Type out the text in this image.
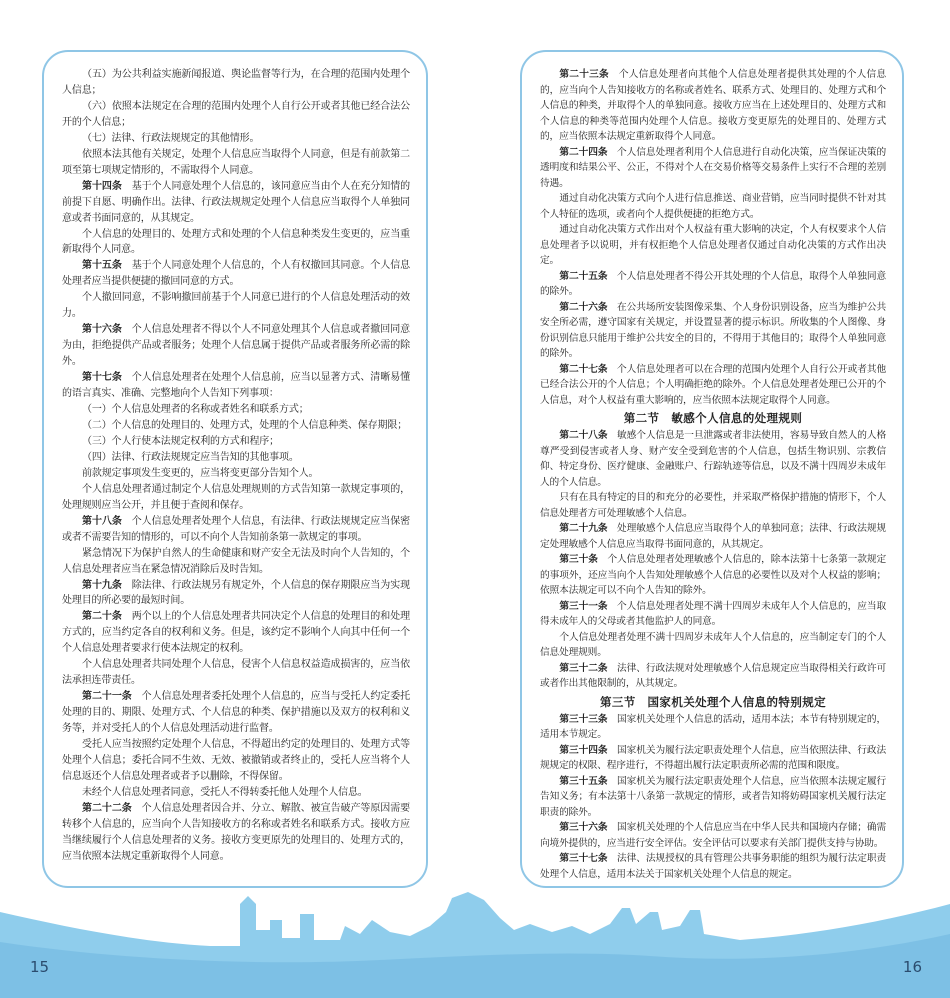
（五）为公共利益实施新闻报道、舆论监督等行为，在合理的范围内处理个人信息；

（六）依照本法规定在合理的范围内处理个人自行公开或者其他已经合法公开的个人信息；

（七）法律、行政法规规定的其他情形。

依照本法其他有关规定，处理个人信息应当取得个人同意，但是有前款第二项至第七项规定情形的，不需取得个人同意。

第十四条　 基于个人同意处理个人信息的，该同意应当由个人在充分知情的前提下自愿、明确作出。法律、行政法规规定处理个人信息应当取得个人单独同意或者书面同意的，从其规定。

个人信息的处理目的、处理方式和处理的个人信息种类发生变更的，应当重新取得个人同意。

第十五条　 基于个人同意处理个人信息的，个人有权撤回其同意。个人信息处理者应当提供便捷的撤回同意的方式。

个人撤回同意，不影响撤回前基于个人同意已进行的个人信息处理活动的效力。

第十六条　 个人信息处理者不得以个人不同意处理其个人信息或者撤回同意为由，拒绝提供产品或者服务；处理个人信息属于提供产品或者服务所必需的除外。

第十七条　 个人信息处理者在处理个人信息前，应当以显著方式、清晰易懂的语言真实、准确、完整地向个人告知下列事项：

（一）个人信息处理者的名称或者姓名和联系方式；

（二）个人信息的处理目的、处理方式，处理的个人信息种类、保存期限；

（三）个人行使本法规定权利的方式和程序；

（四）法律、行政法规规定应当告知的其他事项。

前款规定事项发生变更的，应当将变更部分告知个人。

个人信息处理者通过制定个人信息处理规则的方式告知第一款规定事项的，处理规则应当公开，并且便于查阅和保存。

第十八条　 个人信息处理者处理个人信息，有法律、行政法规规定应当保密或者不需要告知的情形的，可以不向个人告知前条第一款规定的事项。

紧急情况下为保护自然人的生命健康和财产安全无法及时向个人告知的，个人信息处理者应当在紧急情况消除后及时告知。

第十九条　 除法律、行政法规另有规定外，个人信息的保存期限应当为实现处理目的所必要的最短时间。

第二十条　 两个以上的个人信息处理者共同决定个人信息的处理目的和处理方式的，应当约定各自的权利和义务。但是，该约定不影响个人向其中任何一个个人信息处理者要求行使本法规定的权利。

个人信息处理者共同处理个人信息，侵害个人信息权益造成损害的，应当依法承担连带责任。

第二十一条　 个人信息处理者委托处理个人信息的，应当与受托人约定委托处理的目的、期限、处理方式、个人信息的种类、保护措施以及双方的权利和义务等，并对受托人的个人信息处理活动进行监督。

受托人应当按照约定处理个人信息，不得超出约定的处理目的、处理方式等处理个人信息；委托合同不生效、无效、被撤销或者终止的，受托人应当将个人信息返还个人信息处理者或者予以删除，不得保留。

未经个人信息处理者同意，受托人不得转委托他人处理个人信息。

第二十二条　 个人信息处理者因合并、分立、解散、被宣告破产等原因需要转移个人信息的，应当向个人告知接收方的名称或者姓名和联系方式。接收方应当继续履行个人信息处理者的义务。接收方变更原先的处理目的、处理方式的，应当依照本法规定重新取得个人同意。

第二十三条　 个人信息处理者向其他个人信息处理者提供其处理的个人信息的，应当向个人告知接收方的名称或者姓名、联系方式、处理目的、处理方式和个人信息的种类，并取得个人的单独同意。接收方应当在上述处理目的、处理方式和个人信息的种类等范围内处理个人信息。接收方变更原先的处理目的、处理方式的，应当依照本法规定重新取得个人同意。

第二十四条　 个人信息处理者利用个人信息进行自动化决策，应当保证决策的透明度和结果公平、公正，不得对个人在交易价格等交易条件上实行不合理的差别待遇。

通过自动化决策方式向个人进行信息推送、商业营销，应当同时提供不针对其个人特征的选项，或者向个人提供便捷的拒绝方式。

通过自动化决策方式作出对个人权益有重大影响的决定，个人有权要求个人信息处理者予以说明，并有权拒绝个人信息处理者仅通过自动化决策的方式作出决定。

第二十五条　 个人信息处理者不得公开其处理的个人信息，取得个人单独同意的除外。

第二十六条　 在公共场所安装图像采集、个人身份识别设备，应当为维护公共安全所必需，遵守国家有关规定，并设置显著的提示标识。所收集的个人图像、身份识别信息只能用于维护公共安全的目的，不得用于其他目的；取得个人单独同意的除外。

第二十七条　 个人信息处理者可以在合理的范围内处理个人自行公开或者其他已经合法公开的个人信息；个人明确拒绝的除外。个人信息处理者处理已公开的个人信息，对个人权益有重大影响的，应当依照本法规定取得个人同意。

第二节　敏感个人信息的处理规则

第二十八条　 敏感个人信息是一旦泄露或者非法使用，容易导致自然人的人格尊严受到侵害或者人身、财产安全受到危害的个人信息，包括生物识别、宗教信仰、特定身份、医疗健康、金融账户、行踪轨迹等信息，以及不满十四周岁未成年人的个人信息。

只有在具有特定的目的和充分的必要性，并采取严格保护措施的情形下，个人信息处理者方可处理敏感个人信息。

第二十九条　 处理敏感个人信息应当取得个人的单独同意；法律、行政法规规定处理敏感个人信息应当取得书面同意的，从其规定。

第三十条　 个人信息处理者处理敏感个人信息的，除本法第十七条第一款规定的事项外，还应当向个人告知处理敏感个人信息的必要性以及对个人权益的影响；依照本法规定可以不向个人告知的除外。

第三十一条　 个人信息处理者处理不满十四周岁未成年人个人信息的，应当取得未成年人的父母或者其他监护人的同意。

个人信息处理者处理不满十四周岁未成年人个人信息的，应当制定专门的个人信息处理规则。

第三十二条　 法律、行政法规对处理敏感个人信息规定应当取得相关行政许可或者作出其他限制的，从其规定。

第三节　国家机关处理个人信息的特别规定

第三十三条　 国家机关处理个人信息的活动，适用本法；本节有特别规定的，适用本节规定。

第三十四条　 国家机关为履行法定职责处理个人信息，应当依照法律、行政法规规定的权限、程序进行，不得超出履行法定职责所必需的范围和限度。

第三十五条　 国家机关为履行法定职责处理个人信息，应当依照本法规定履行告知义务；有本法第十八条第一款规定的情形，或者告知将妨碍国家机关履行法定职责的除外。

第三十六条　 国家机关处理的个人信息应当在中华人民共和国境内存储；确需向境外提供的，应当进行安全评估。安全评估可以要求有关部门提供支持与协助。

第三十七条　 法律、法规授权的具有管理公共事务职能的组织为履行法定职责处理个人信息，适用本法关于国家机关处理个人信息的规定。

15	16
